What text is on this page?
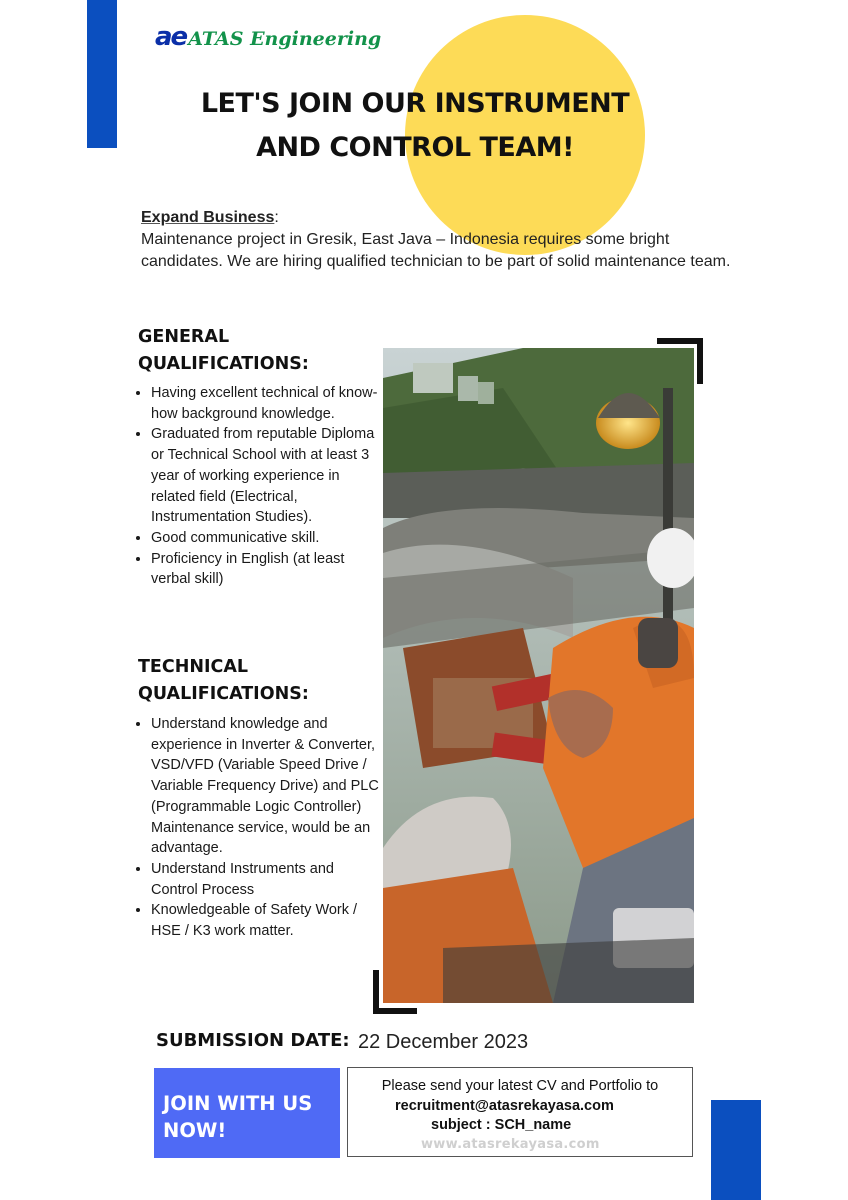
ae ATAS Engineering
LET'S JOIN OUR INSTRUMENT
AND CONTROL TEAM!
Expand Business:
Maintenance project in Gresik, East Java – Indonesia requires some bright candidates. We are hiring qualified technician to be part of solid maintenance team.
GENERAL QUALIFICATIONS:
• Having excellent technical of know-how background knowledge.
• Graduated from reputable Diploma or Technical School with at least 3 year of working experience in related field (Electrical, Instrumentation Studies).
• Good communicative skill.
• Proficiency in English (at least verbal skill)
TECHNICAL QUALIFICATIONS:
• Understand knowledge and experience in Inverter & Converter, VSD/VFD (Variable Speed Drive / Variable Frequency Drive) and PLC (Programmable Logic Controller) Maintenance service, would be an advantage.
• Understand Instruments and Control Process
• Knowledgeable of Safety Work / HSE / K3 work matter.
SUBMISSION DATE: 22 December 2023
JOIN WITH US NOW!
Please send your latest CV and Portfolio to
recruitment@atasrekayasa.com
subject : SCH_name
www.atasrekayasa.com
